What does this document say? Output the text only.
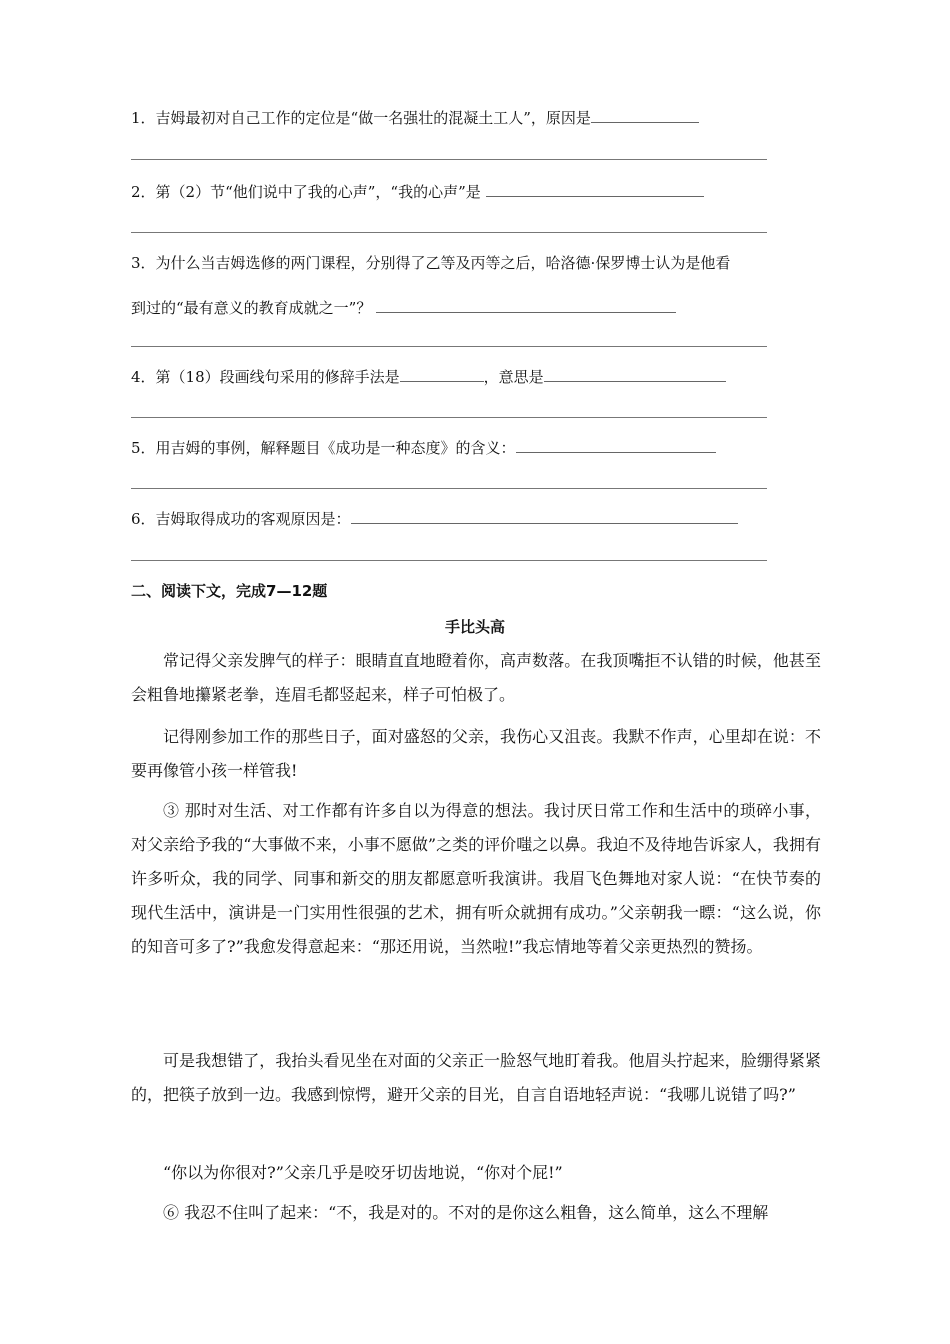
1．吉姆最初对自己工作的定位是“做一名强壮的混凝土工人”，原因是
2．第（2）节“他们说中了我的心声”，“我的心声”是
3．为什么当吉姆选修的两门课程，分别得了乙等及丙等之后，哈洛德·保罗博士认为是他看
到过的“最有意义的教育成就之一”？
4．第（18）段画线句采用的修辞手法是	，意思是
5．用吉姆的事例，解释题目《成功是一种态度》的含义：
6．吉姆取得成功的客观原因是：
二、阅读下文，完成7—12题
手比头高
常记得父亲发脾气的样子：眼睛直直地瞪着你，高声数落。在我顶嘴拒不认错的时候，他甚至会粗鲁地攥紧老拳，连眉毛都竖起来，样子可怕极了。
记得刚参加工作的那些日子，面对盛怒的父亲，我伤心又沮丧。我默不作声，心里却在说：不要再像管小孩一样管我!
③ 那时对生活、对工作都有许多自以为得意的想法。我讨厌日常工作和生活中的琐碎小事，对父亲给予我的“大事做不来，小事不愿做”之类的评价嗤之以鼻。我迫不及待地告诉家人，我拥有许多听众，我的同学、同事和新交的朋友都愿意听我演讲。我眉飞色舞地对家人说：“在快节奏的现代生活中，演讲是一门实用性很强的艺术，拥有听众就拥有成功。”父亲朝我一瞟：“这么说，你的知音可多了?”我愈发得意起来：“那还用说，当然啦!”我忘情地等着父亲更热烈的赞扬。
可是我想错了，我抬头看见坐在对面的父亲正一脸怒气地盯着我。他眉头拧起来，脸绷得紧紧的，把筷子放到一边。我感到惊愕，避开父亲的目光，自言自语地轻声说：“我哪儿说错了吗?”
“你以为你很对?”父亲几乎是咬牙切齿地说，“你对个屁!”
⑥ 我忍不住叫了起来：“不，我是对的。不对的是你这么粗鲁，这么简单，这么不理解
